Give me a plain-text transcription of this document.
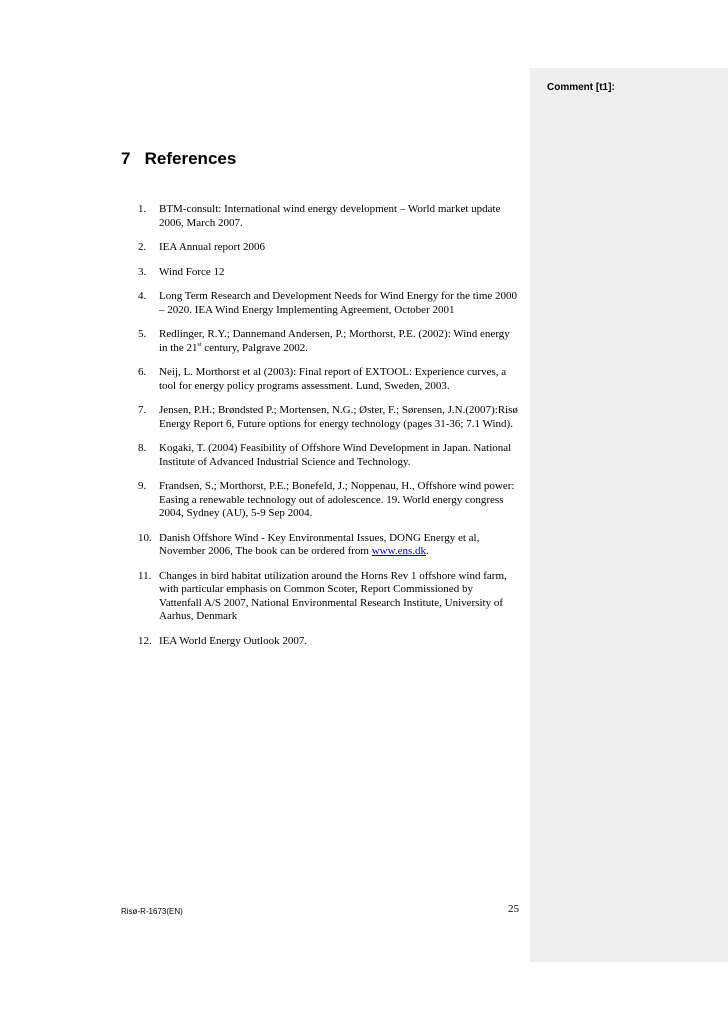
Comment [t1]:
7 References
1. BTM-consult: International wind energy development – World market update 2006, March 2007.
2. IEA Annual report 2006
3. Wind Force 12
4. Long Term Research and Development Needs for Wind Energy for the time 2000 – 2020. IEA Wind Energy Implementing Agreement, October 2001
5. Redlinger, R.Y.; Dannemand Andersen, P.; Morthorst, P.E. (2002): Wind energy in the 21st century, Palgrave 2002.
6. Neij, L. Morthorst et al (2003): Final report of EXTOOL: Experience curves, a tool for energy policy programs assessment. Lund, Sweden, 2003.
7. Jensen, P.H.; Brøndsted P.; Mortensen, N.G.; Øster, F.; Sørensen, J.N.(2007):Risø Energy Report 6, Future options for energy technology (pages 31-36; 7.1 Wind).
8. Kogaki, T. (2004) Feasibility of Offshore Wind Development in Japan. National Institute of Advanced Industrial Science and Technology.
9. Frandsen, S.; Morthorst, P.E.; Bonefeld, J.; Noppenau, H., Offshore wind power: Easing a renewable technology out of adolescence. 19. World energy congress 2004, Sydney (AU), 5-9 Sep 2004.
10. Danish Offshore Wind - Key Environmental Issues, DONG Energy et al, November 2006, The book can be ordered from www.ens.dk.
11. Changes in bird habitat utilization around the Horns Rev 1 offshore wind farm, with particular emphasis on Common Scoter, Report Commissioned by Vattenfall A/S 2007, National Environmental Research Institute, University of Aarhus, Denmark
12. IEA World Energy Outlook 2007.
Risø-R-1673(EN)	25
